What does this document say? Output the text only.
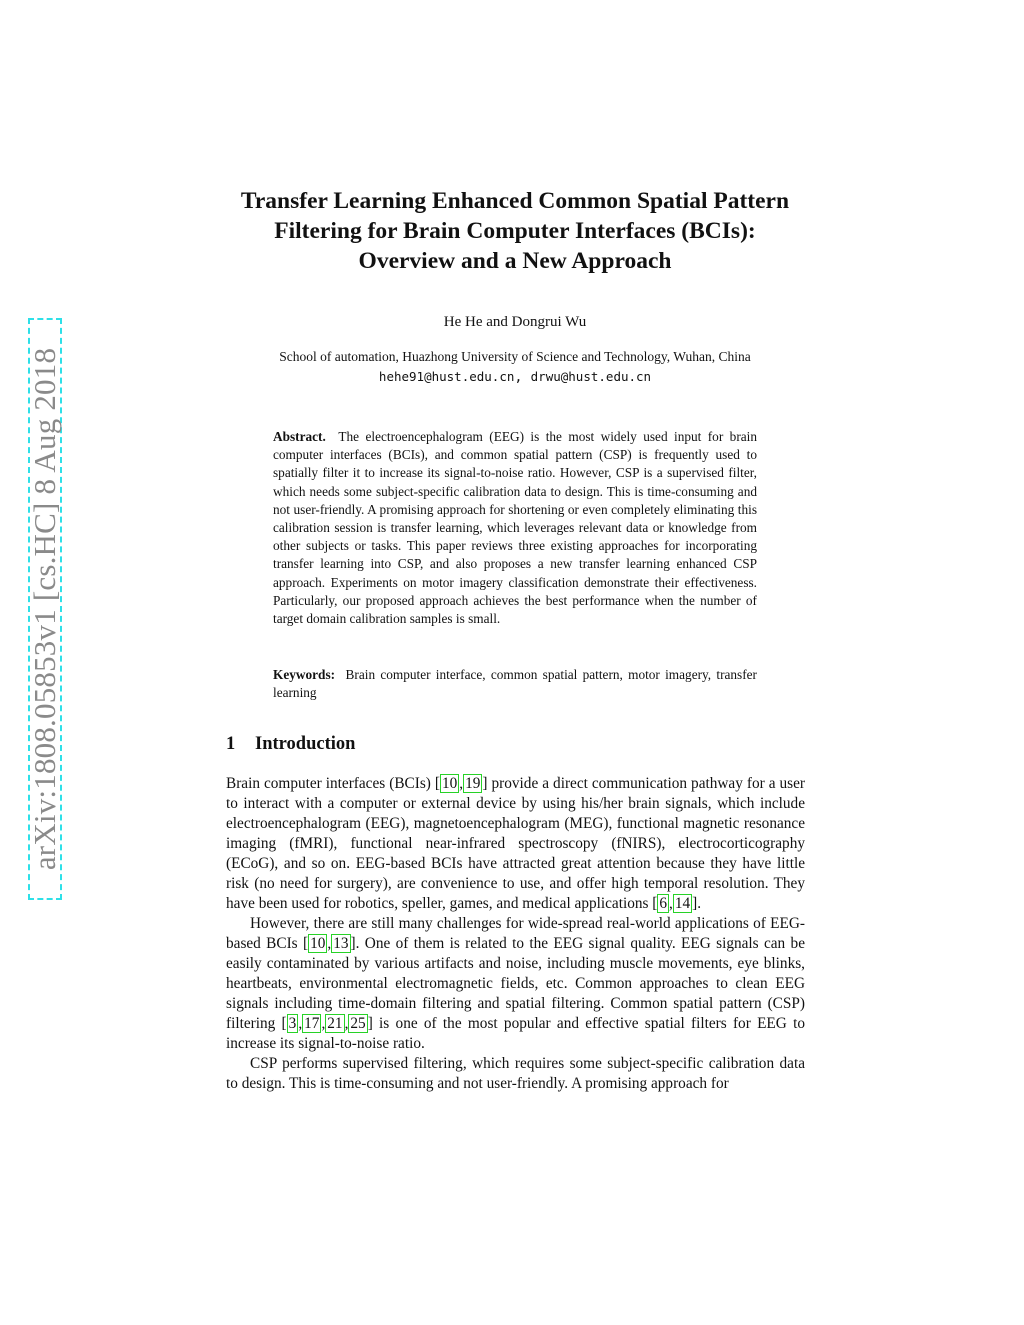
arXiv:1808.05853v1 [cs.HC] 8 Aug 2018
Transfer Learning Enhanced Common Spatial Pattern
Filtering for Brain Computer Interfaces (BCIs):
Overview and a New Approach
He He and Dongrui Wu
School of automation, Huazhong University of Science and Technology, Wuhan, China
hehe91@hust.edu.cn, drwu@hust.edu.cn
Abstract. The electroencephalogram (EEG) is the most widely used input for brain computer interfaces (BCIs), and common spatial pattern (CSP) is frequently used to spatially filter it to increase its signal-to-noise ratio. However, CSP is a supervised filter, which needs some subject-specific calibration data to design. This is time-consuming and not user-friendly. A promising approach for shortening or even completely eliminating this calibration session is transfer learning, which leverages relevant data or knowledge from other subjects or tasks. This paper reviews three existing approaches for incorporating transfer learning into CSP, and also proposes a new transfer learning enhanced CSP approach. Experiments on motor imagery classification demonstrate their effectiveness. Particularly, our proposed approach achieves the best performance when the number of target domain calibration samples is small.
Keywords: Brain computer interface, common spatial pattern, motor imagery, transfer learning
1 Introduction

Brain computer interfaces (BCIs) [ 10 , 19 ] provide a direct communication pathway for a user to interact with a computer or external device by using his/her brain signals, which include electroencephalogram (EEG), magnetoencephalogram (MEG), functional magnetic resonance imaging (fMRI), functional near-infrared spectroscopy (fNIRS), electrocorticography (ECoG), and so on. EEG-based BCIs have attracted great attention because they have little risk (no need for surgery), are convenience to use, and offer high temporal resolution. They have been used for robotics, speller, games, and medical applications [ 6 , 14 ].

However, there are still many challenges for wide-spread real-world applications of EEG-based BCIs [ 10 , 13 ]. One of them is related to the EEG signal quality. EEG signals can be easily contaminated by various artifacts and noise, including muscle movements, eye blinks, heartbeats, environmental electromagnetic fields, etc. Common approaches to clean EEG signals including time-domain filtering and spatial filtering. Common spatial pattern (CSP) filtering [ 3 , 17 , 21 , 25 ] is one of the most popular and effective spatial filters for EEG to increase its signal-to-noise ratio.

CSP performs supervised filtering, which requires some subject-specific calibration data to design. This is time-consuming and not user-friendly. A promising approach for
